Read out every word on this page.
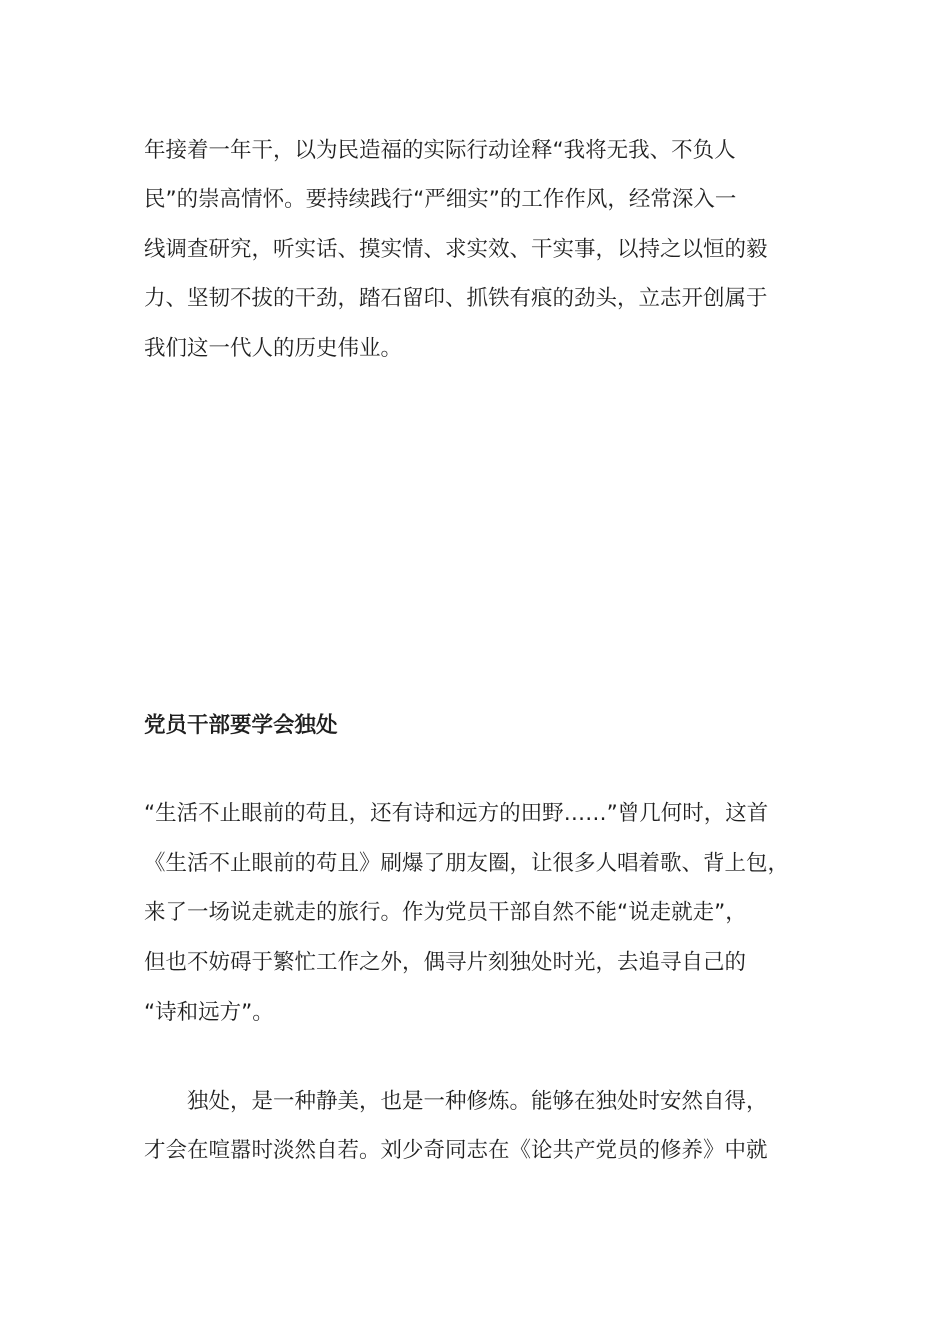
年接着一年干，以为民造福的实际行动诠释“我将无我、不负人
民”的崇高情怀。要持续践行“严细实”的工作作风，经常深入一
线调查研究，听实话、摸实情、求实效、干实事，以持之以恒的毅
力、坚韧不拔的干劲，踏石留印、抓铁有痕的劲头，立志开创属于
我们这一代人的历史伟业。
党员干部要学会独处
“生活不止眼前的苟且，还有诗和远方的田野……”曾几何时，这首
《生活不止眼前的苟且》刷爆了朋友圈，让很多人唱着歌、背上包，
来了一场说走就走的旅行。作为党员干部自然不能“说走就走”，
但也不妨碍于繁忙工作之外，偶寻片刻独处时光，去追寻自己的
“诗和远方”。
　　独处，是一种静美，也是一种修炼。能够在独处时安然自得，
才会在喧嚣时淡然自若。刘少奇同志在《论共产党员的修养》中就
